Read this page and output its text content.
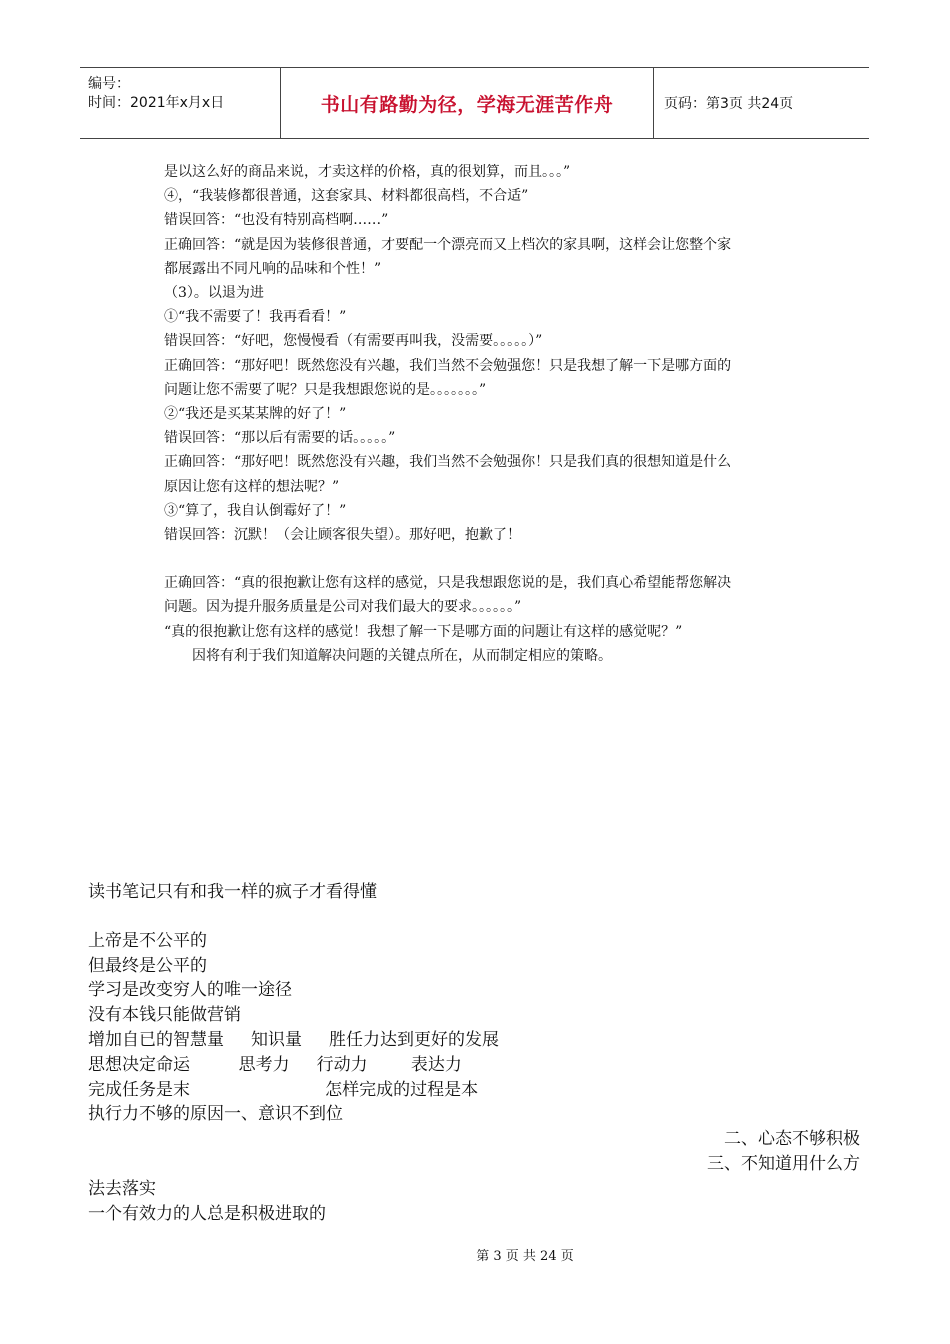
编号：
时间：2021年x月x日	书山有路勤为径，学海无涯苦作舟	页码：第3页 共24页
是以这么好的商品来说，才卖这样的价格，真的很划算，而且。。。”
④，“我装修都很普通，这套家具、材料都很高档，不合适”
错误回答：“也没有特别高档啊……”
正确回答：“就是因为装修很普通，才要配一个漂亮而又上档次的家具啊，这样会让您整个家
都展露出不同凡响的品味和个性！”
（3）。以退为进
①“我不需要了！我再看看！”
错误回答：“好吧，您慢慢看（有需要再叫我，没需要。。。。。）”
正确回答：“那好吧！既然您没有兴趣，我们当然不会勉强您！只是我想了解一下是哪方面的
问题让您不需要了呢？只是我想跟您说的是。。。。。。。”
②“我还是买某某牌的好了！”
错误回答：“那以后有需要的话。。。。。”
正确回答：“那好吧！既然您没有兴趣，我们当然不会勉强你！只是我们真的很想知道是什么
原因让您有这样的想法呢？”
③“算了，我自认倒霉好了！”
错误回答：沉默！（会让顾客很失望）。那好吧，抱歉了！
正确回答：“真的很抱歉让您有这样的感觉，只是我想跟您说的是，我们真心希望能帮您解决
问题。因为提升服务质量是公司对我们最大的要求。。。。。。”
“真的很抱歉让您有这样的感觉！我想了解一下是哪方面的问题让有这样的感觉呢？”
因将有利于我们知道解决问题的关键点所在，从而制定相应的策略。
读书笔记只有和我一样的疯子才看得懂
上帝是不公平的
但最终是公平的
学习是改变穷人的唯一途径
没有本钱只能做营销
增加自已的智慧量     知识量     胜任力达到更好的发展
思想决定命运         思考力     行动力        表达力
完成任务是末                         怎样完成的过程是本
执行力不够的原因一、意识不到位
二、心态不够积极
三、不知道用什么方
法去落实
一个有效力的人总是积极进取的
第 3 页 共 24 页
